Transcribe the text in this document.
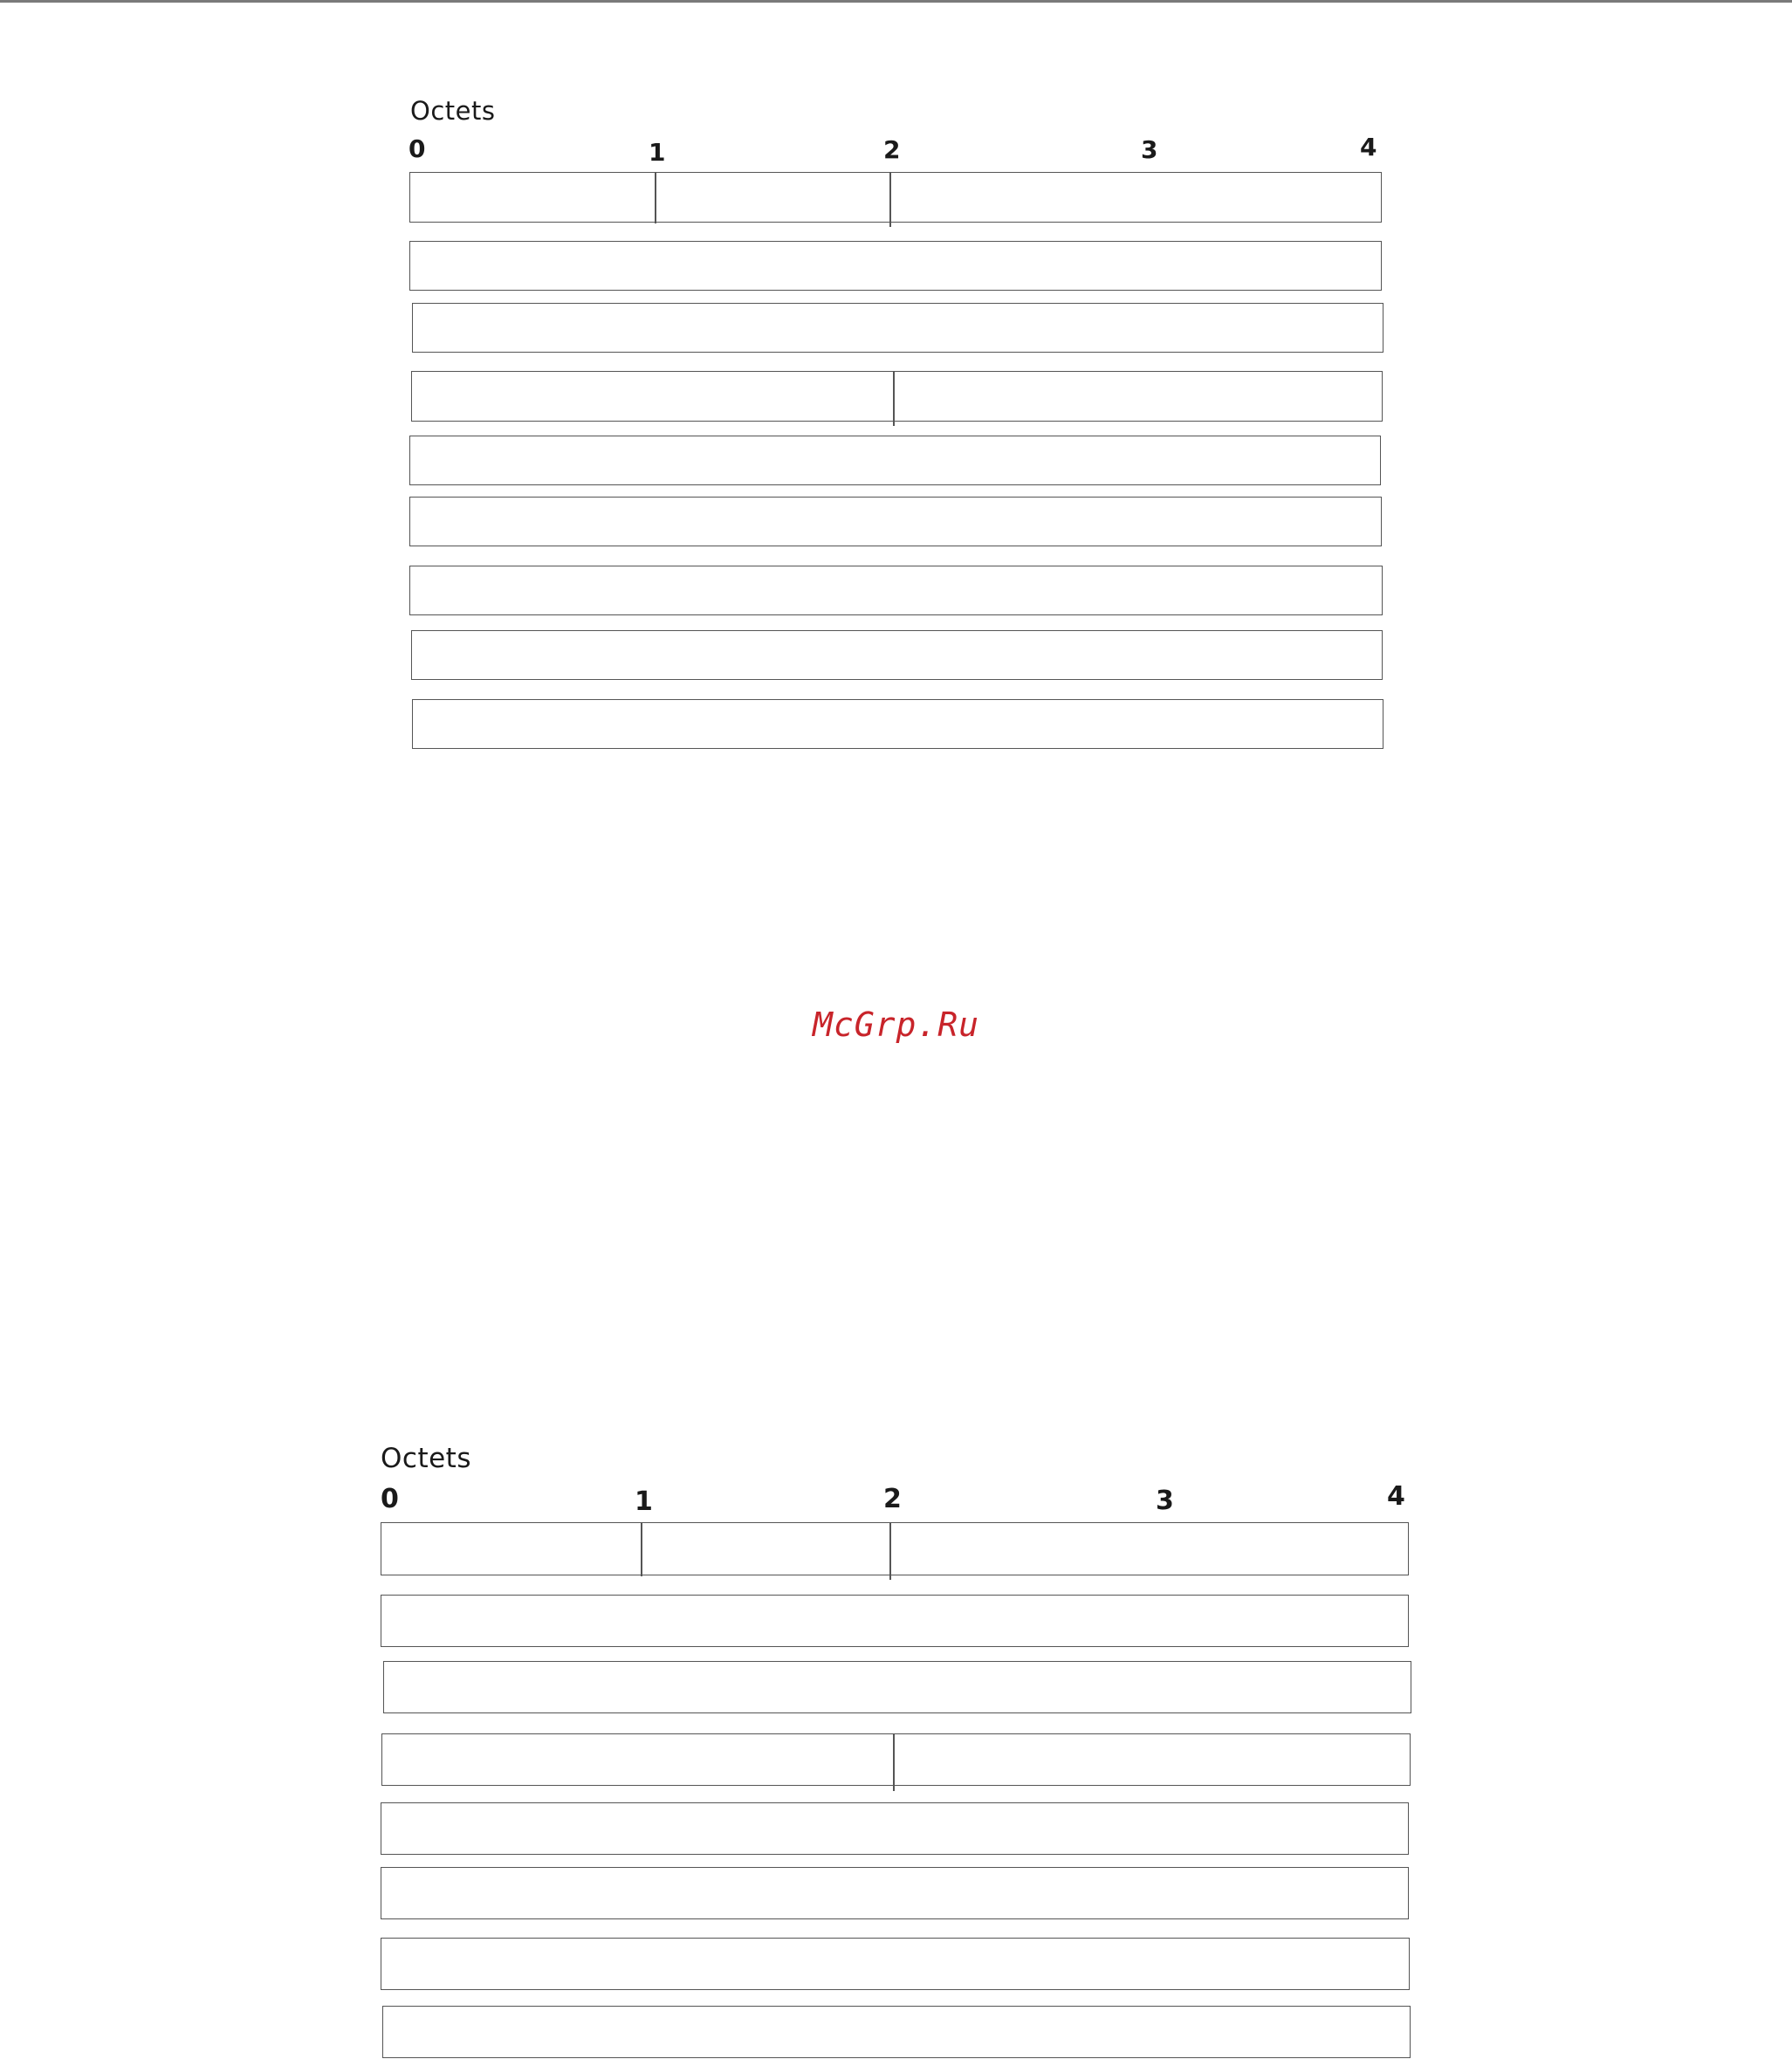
Octets
0	1	2	3	4
McGrp.Ru
Octets
0	1	2	3	4
